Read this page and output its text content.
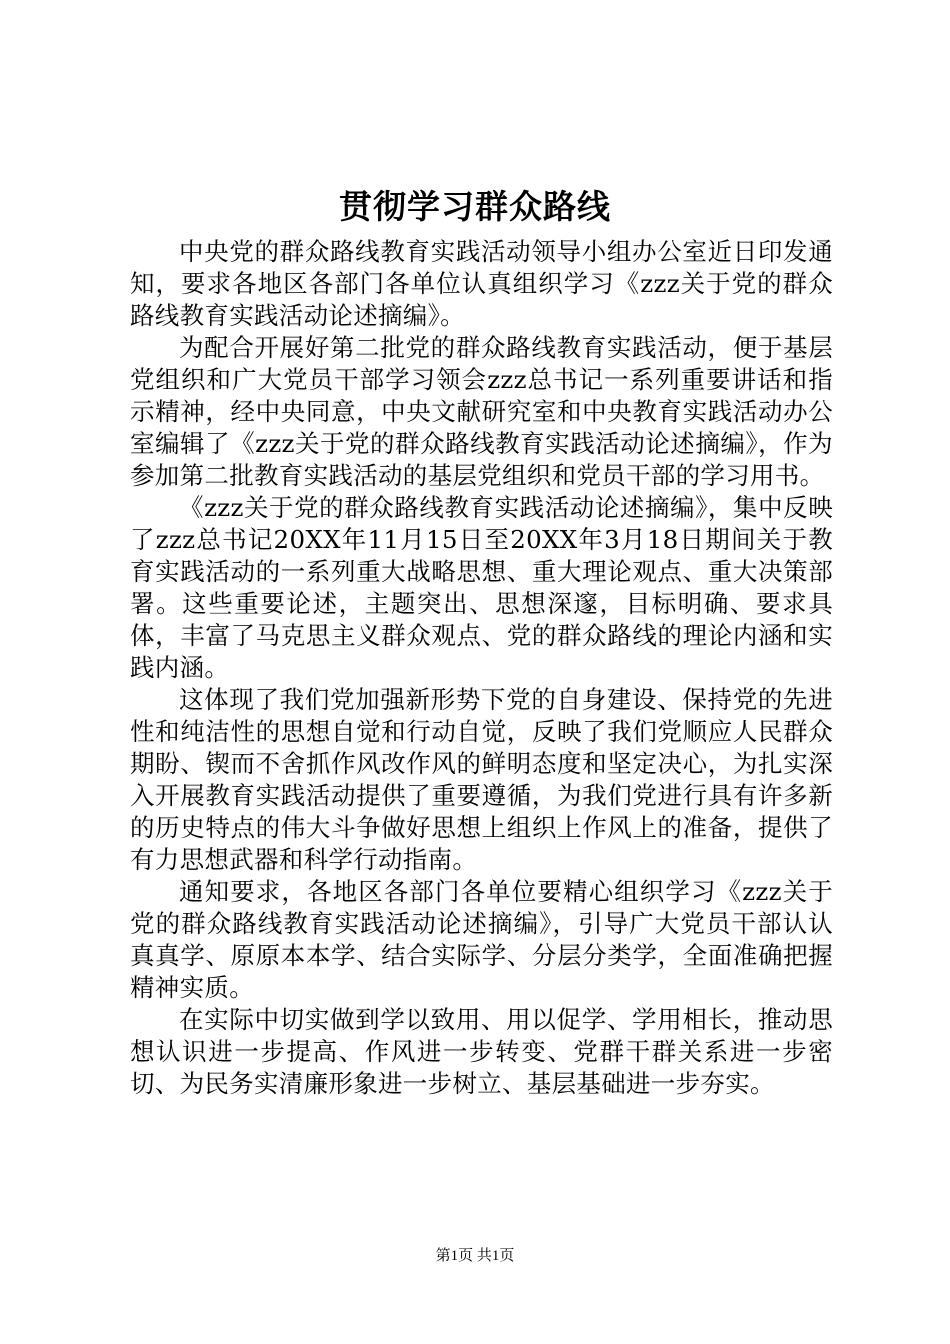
贯彻学习群众路线

中央党的群众路线教育实践活动领导小组办公室近日印发通知，要求各地区各部门各单位认真组织学习《zzz关于党的群众路线教育实践活动论述摘编》。

为配合开展好第二批党的群众路线教育实践活动，便于基层党组织和广大党员干部学习领会zzz总书记一系列重要讲话和指示精神，经中央同意，中央文献研究室和中央教育实践活动办公室编辑了《zzz关于党的群众路线教育实践活动论述摘编》，作为参加第二批教育实践活动的基层党组织和党员干部的学习用书。

《zzz关于党的群众路线教育实践活动论述摘编》，集中反映了zzz总书记20XX年11月15日至20XX年3月18日期间关于教育实践活动的一系列重大战略思想、重大理论观点、重大决策部署。这些重要论述，主题突出、思想深邃，目标明确、要求具体，丰富了马克思主义群众观点、党的群众路线的理论内涵和实践内涵。

这体现了我们党加强新形势下党的自身建设、保持党的先进性和纯洁性的思想自觉和行动自觉，反映了我们党顺应人民群众期盼、锲而不舍抓作风改作风的鲜明态度和坚定决心，为扎实深入开展教育实践活动提供了重要遵循，为我们党进行具有许多新的历史特点的伟大斗争做好思想上组织上作风上的准备，提供了有力思想武器和科学行动指南。

通知要求，各地区各部门各单位要精心组织学习《zzz关于党的群众路线教育实践活动论述摘编》，引导广大党员干部认认真真学、原原本本学、结合实际学、分层分类学，全面准确把握精神实质。

在实际中切实做到学以致用、用以促学、学用相长，推动思想认识进一步提高、作风进一步转变、党群干群关系进一步密切、为民务实清廉形象进一步树立、基层基础进一步夯实。

第1页 共1页
